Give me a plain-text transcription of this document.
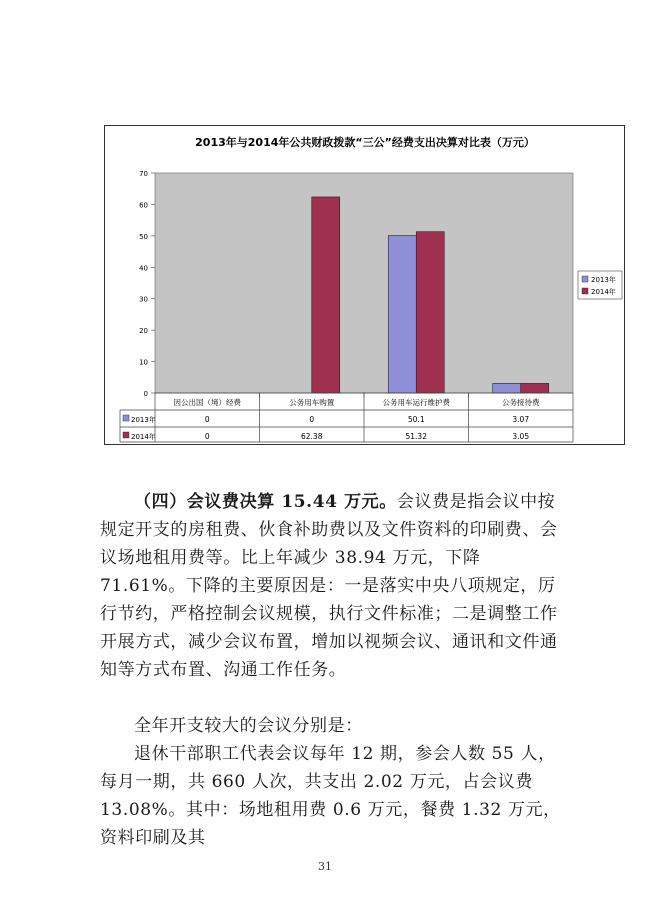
2013年与2014年公共财政拨款“三公”经费支出决算对比表（万元）
0
10
20
30
40
50
60
70
因公出国（境）经费
0
0
公务用车购置
0
62.38
公务用车运行维护费
50.1
51.32
公务接待费
3.07
3.05
2013年
2014年
2013年
2014年

（四）会议费决算 15.44 万元。会议费是指会议中按规定开支的房租费、伙食补助费以及文件资料的印刷费、会议场地租用费等。比上年减少 38.94 万元，下降 71.61%。下降的主要原因是：一是落实中央八项规定，厉行节约，严格控制会议规模，执行文件标准；二是调整工作开展方式，减少会议布置，增加以视频会议、通讯和文件通知等方式布置、沟通工作任务。

全年开支较大的会议分别是：

退休干部职工代表会议每年 12 期，参会人数 55 人，每月一期，共 660 人次，共支出 2.02 万元，占会议费 13.08%。其中：场地租用费 0.6 万元，餐费 1.32 万元，资料印刷及其

31
